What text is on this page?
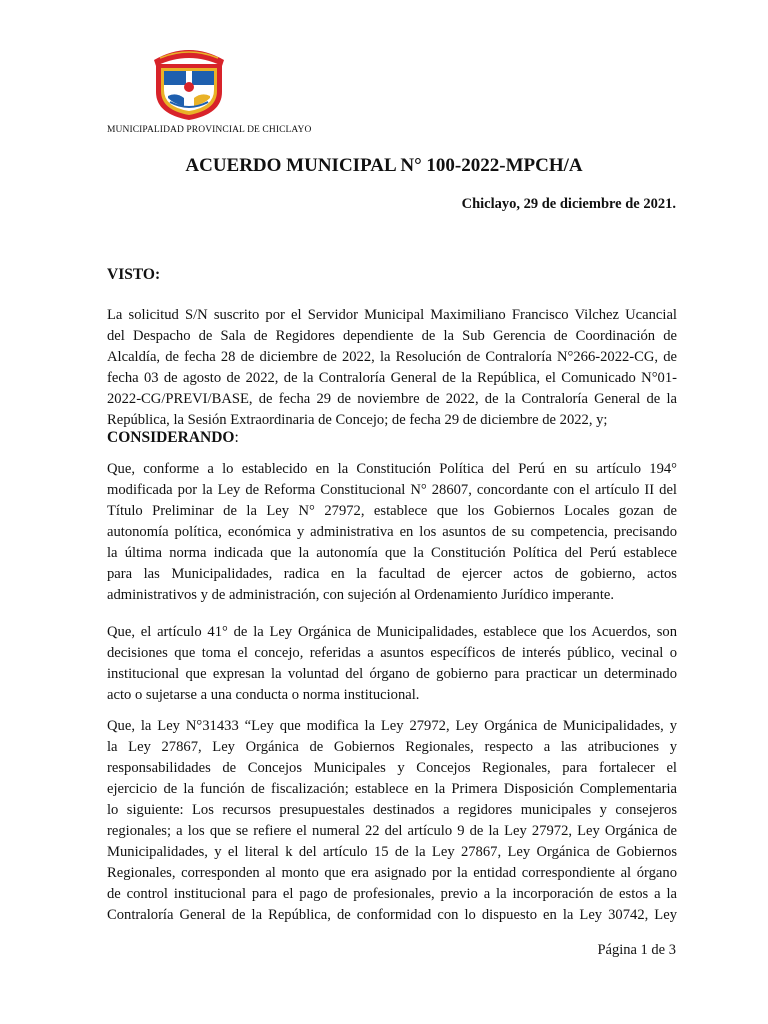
MUNICIPALIDAD PROVINCIAL DE CHICLAYO
ACUERDO MUNICIPAL N° 100-2022-MPCH/A
Chiclayo, 29 de diciembre de 2021.
VISTO:
La solicitud S/N suscrito por el Servidor Municipal Maximiliano Francisco Vilchez Ucancial
del Despacho de Sala de Regidores dependiente de la Sub Gerencia de Coordinación de
Alcaldía, de fecha 28 de diciembre de 2022, la Resolución de Contraloría N°266-2022-CG, de
fecha 03 de agosto de 2022, de la Contraloría General de la República, el Comunicado N°01-
2022-CG/PREVI/BASE, de fecha 29 de noviembre de 2022, de la Contraloría General de la
República, la Sesión Extraordinaria de Concejo; de fecha 29 de diciembre de 2022, y;
CONSIDERANDO:
Que, conforme a lo establecido en la Constitución Política del Perú en su artículo 194°
modificada por la Ley de Reforma Constitucional N° 28607, concordante con el artículo II del
Título Preliminar de la Ley N° 27972, establece que los Gobiernos Locales gozan de
autonomía política, económica y administrativa en los asuntos de su competencia, precisando
la última norma indicada que la autonomía que la Constitución Política del Perú establece
para las Municipalidades, radica en la facultad de ejercer actos de gobierno, actos
administrativos y de administración, con sujeción al Ordenamiento Jurídico imperante.
Que, el artículo 41° de la Ley Orgánica de Municipalidades, establece que los Acuerdos, son
decisiones que toma el concejo, referidas a asuntos específicos de interés público, vecinal o
institucional que expresan la voluntad del órgano de gobierno para practicar un determinado
acto o sujetarse a una conducta o norma institucional.
Que, la Ley N°31433 “Ley que modifica la Ley 27972, Ley Orgánica de Municipalidades, y
la Ley 27867, Ley Orgánica de Gobiernos Regionales, respecto a las atribuciones y
responsabilidades de Concejos Municipales y Concejos Regionales, para fortalecer el
ejercicio de la función de fiscalización; establece en la Primera Disposición Complementaria
lo siguiente: Los recursos presupuestales destinados a regidores municipales y consejeros
regionales; a los que se refiere el numeral 22 del artículo 9 de la Ley 27972, Ley Orgánica de
Municipalidades, y el literal k del artículo 15 de la Ley 27867, Ley Orgánica de Gobiernos
Regionales, corresponden al monto que era asignado por la entidad correspondiente al órgano
de control institucional para el pago de profesionales, previo a la incorporación de estos a la
Contraloría General de la República, de conformidad con lo dispuesto en la Ley 30742, Ley
Página 1 de 3
